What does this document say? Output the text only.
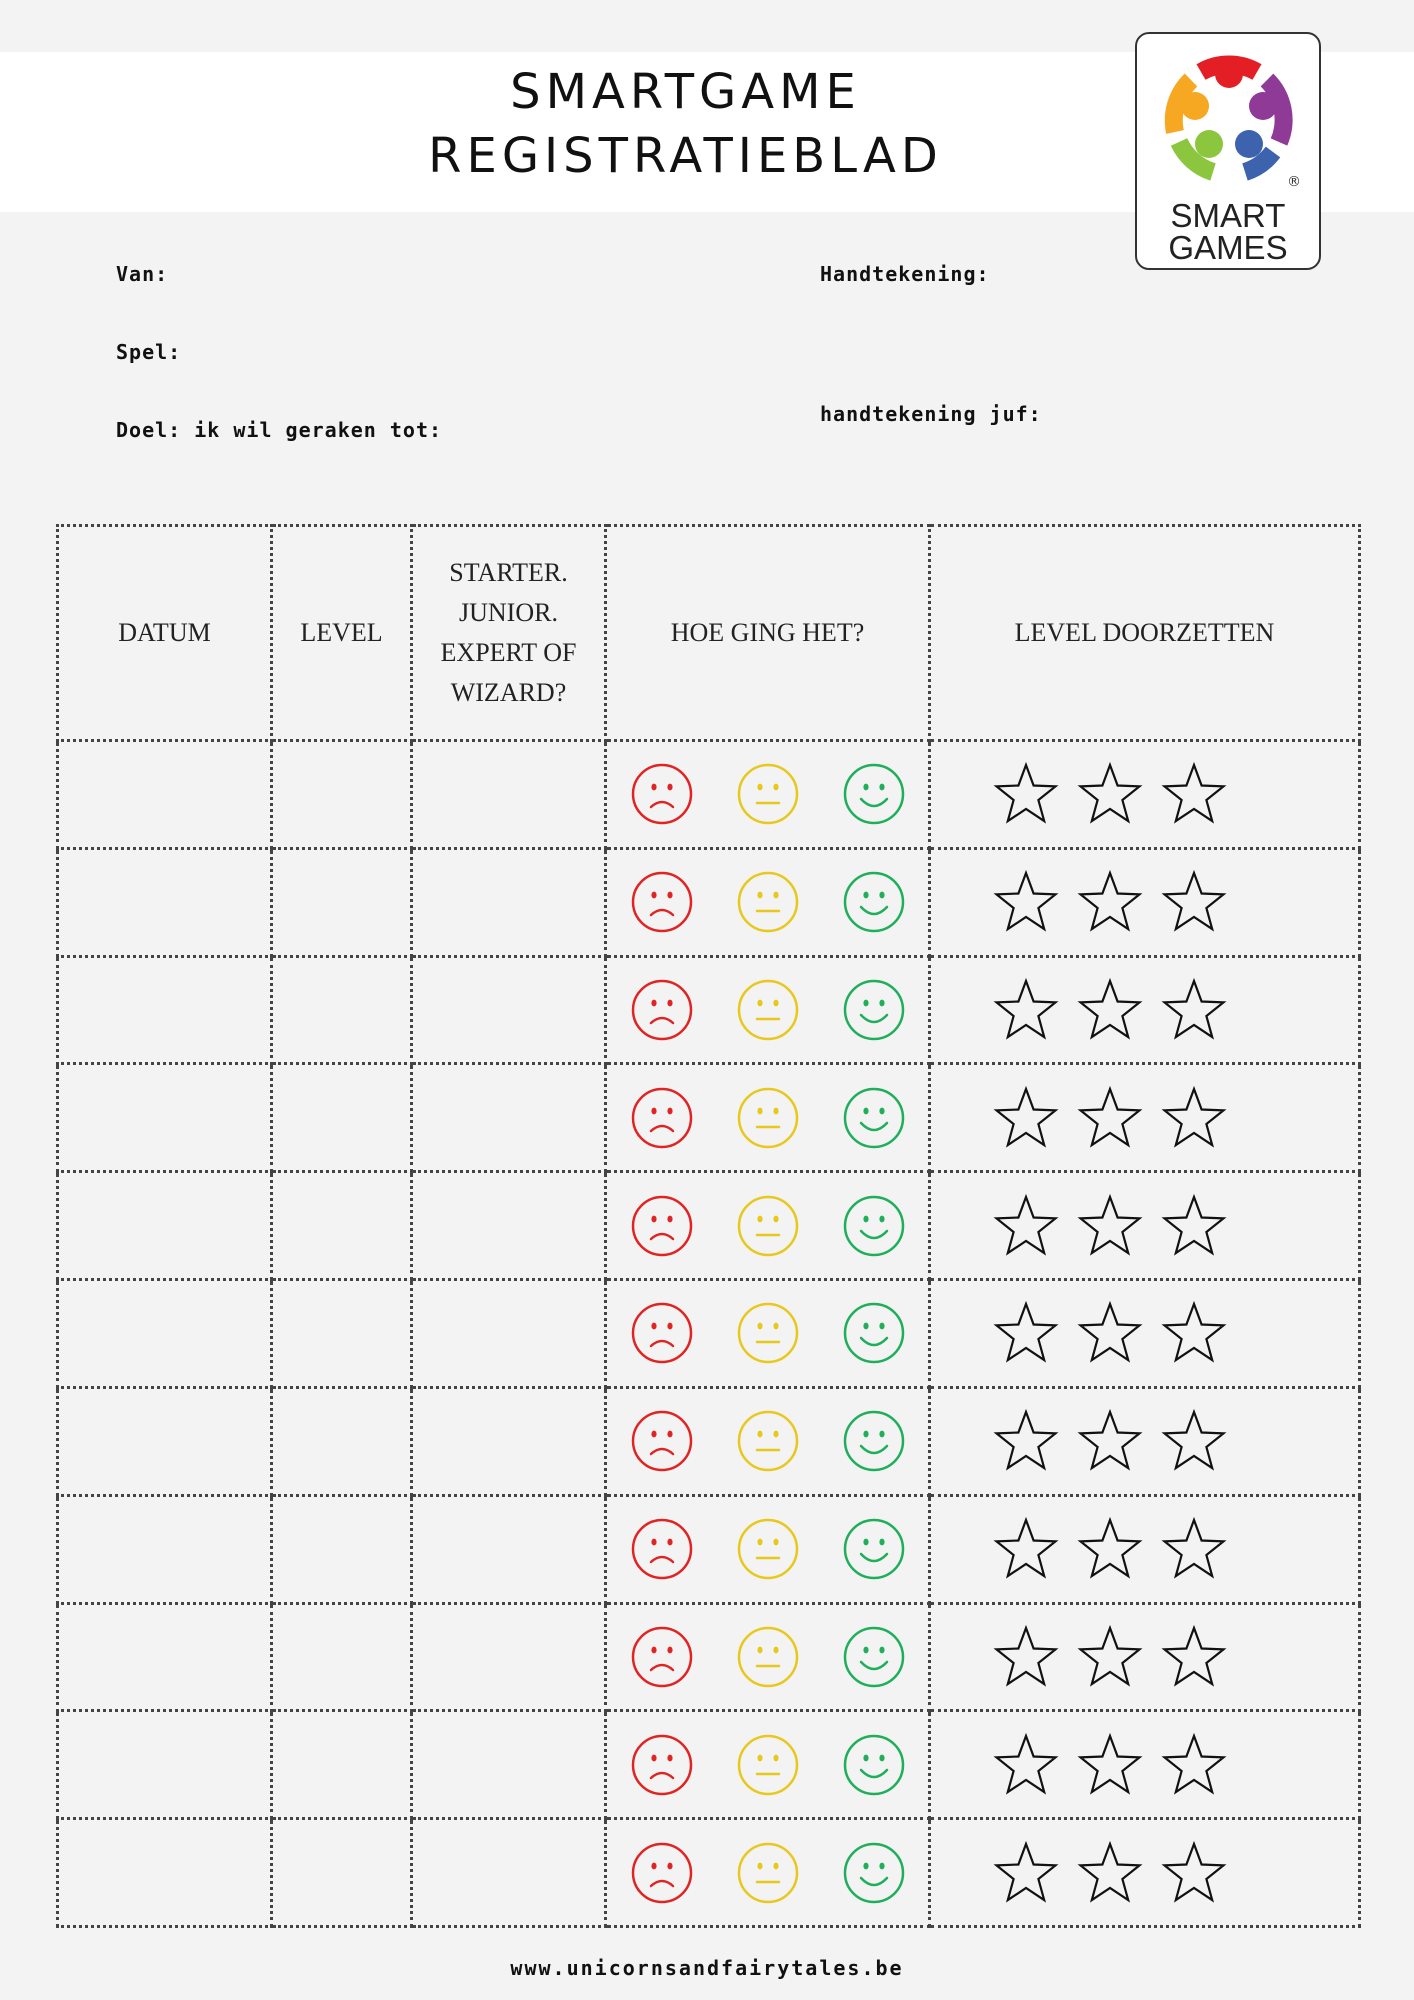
SMARTGAME
REGISTRATIEBLAD	®
SMART
GAMES
Van:
Spel:
Doel: ik wil geraken tot:
Handtekening:
handtekening juf:
DATUM	LEVEL	STARTER.
JUNIOR.
EXPERT OF
WIZARD?	HOE GING HET?	LEVEL DOORZETTEN

www.unicornsandfairytales.be
